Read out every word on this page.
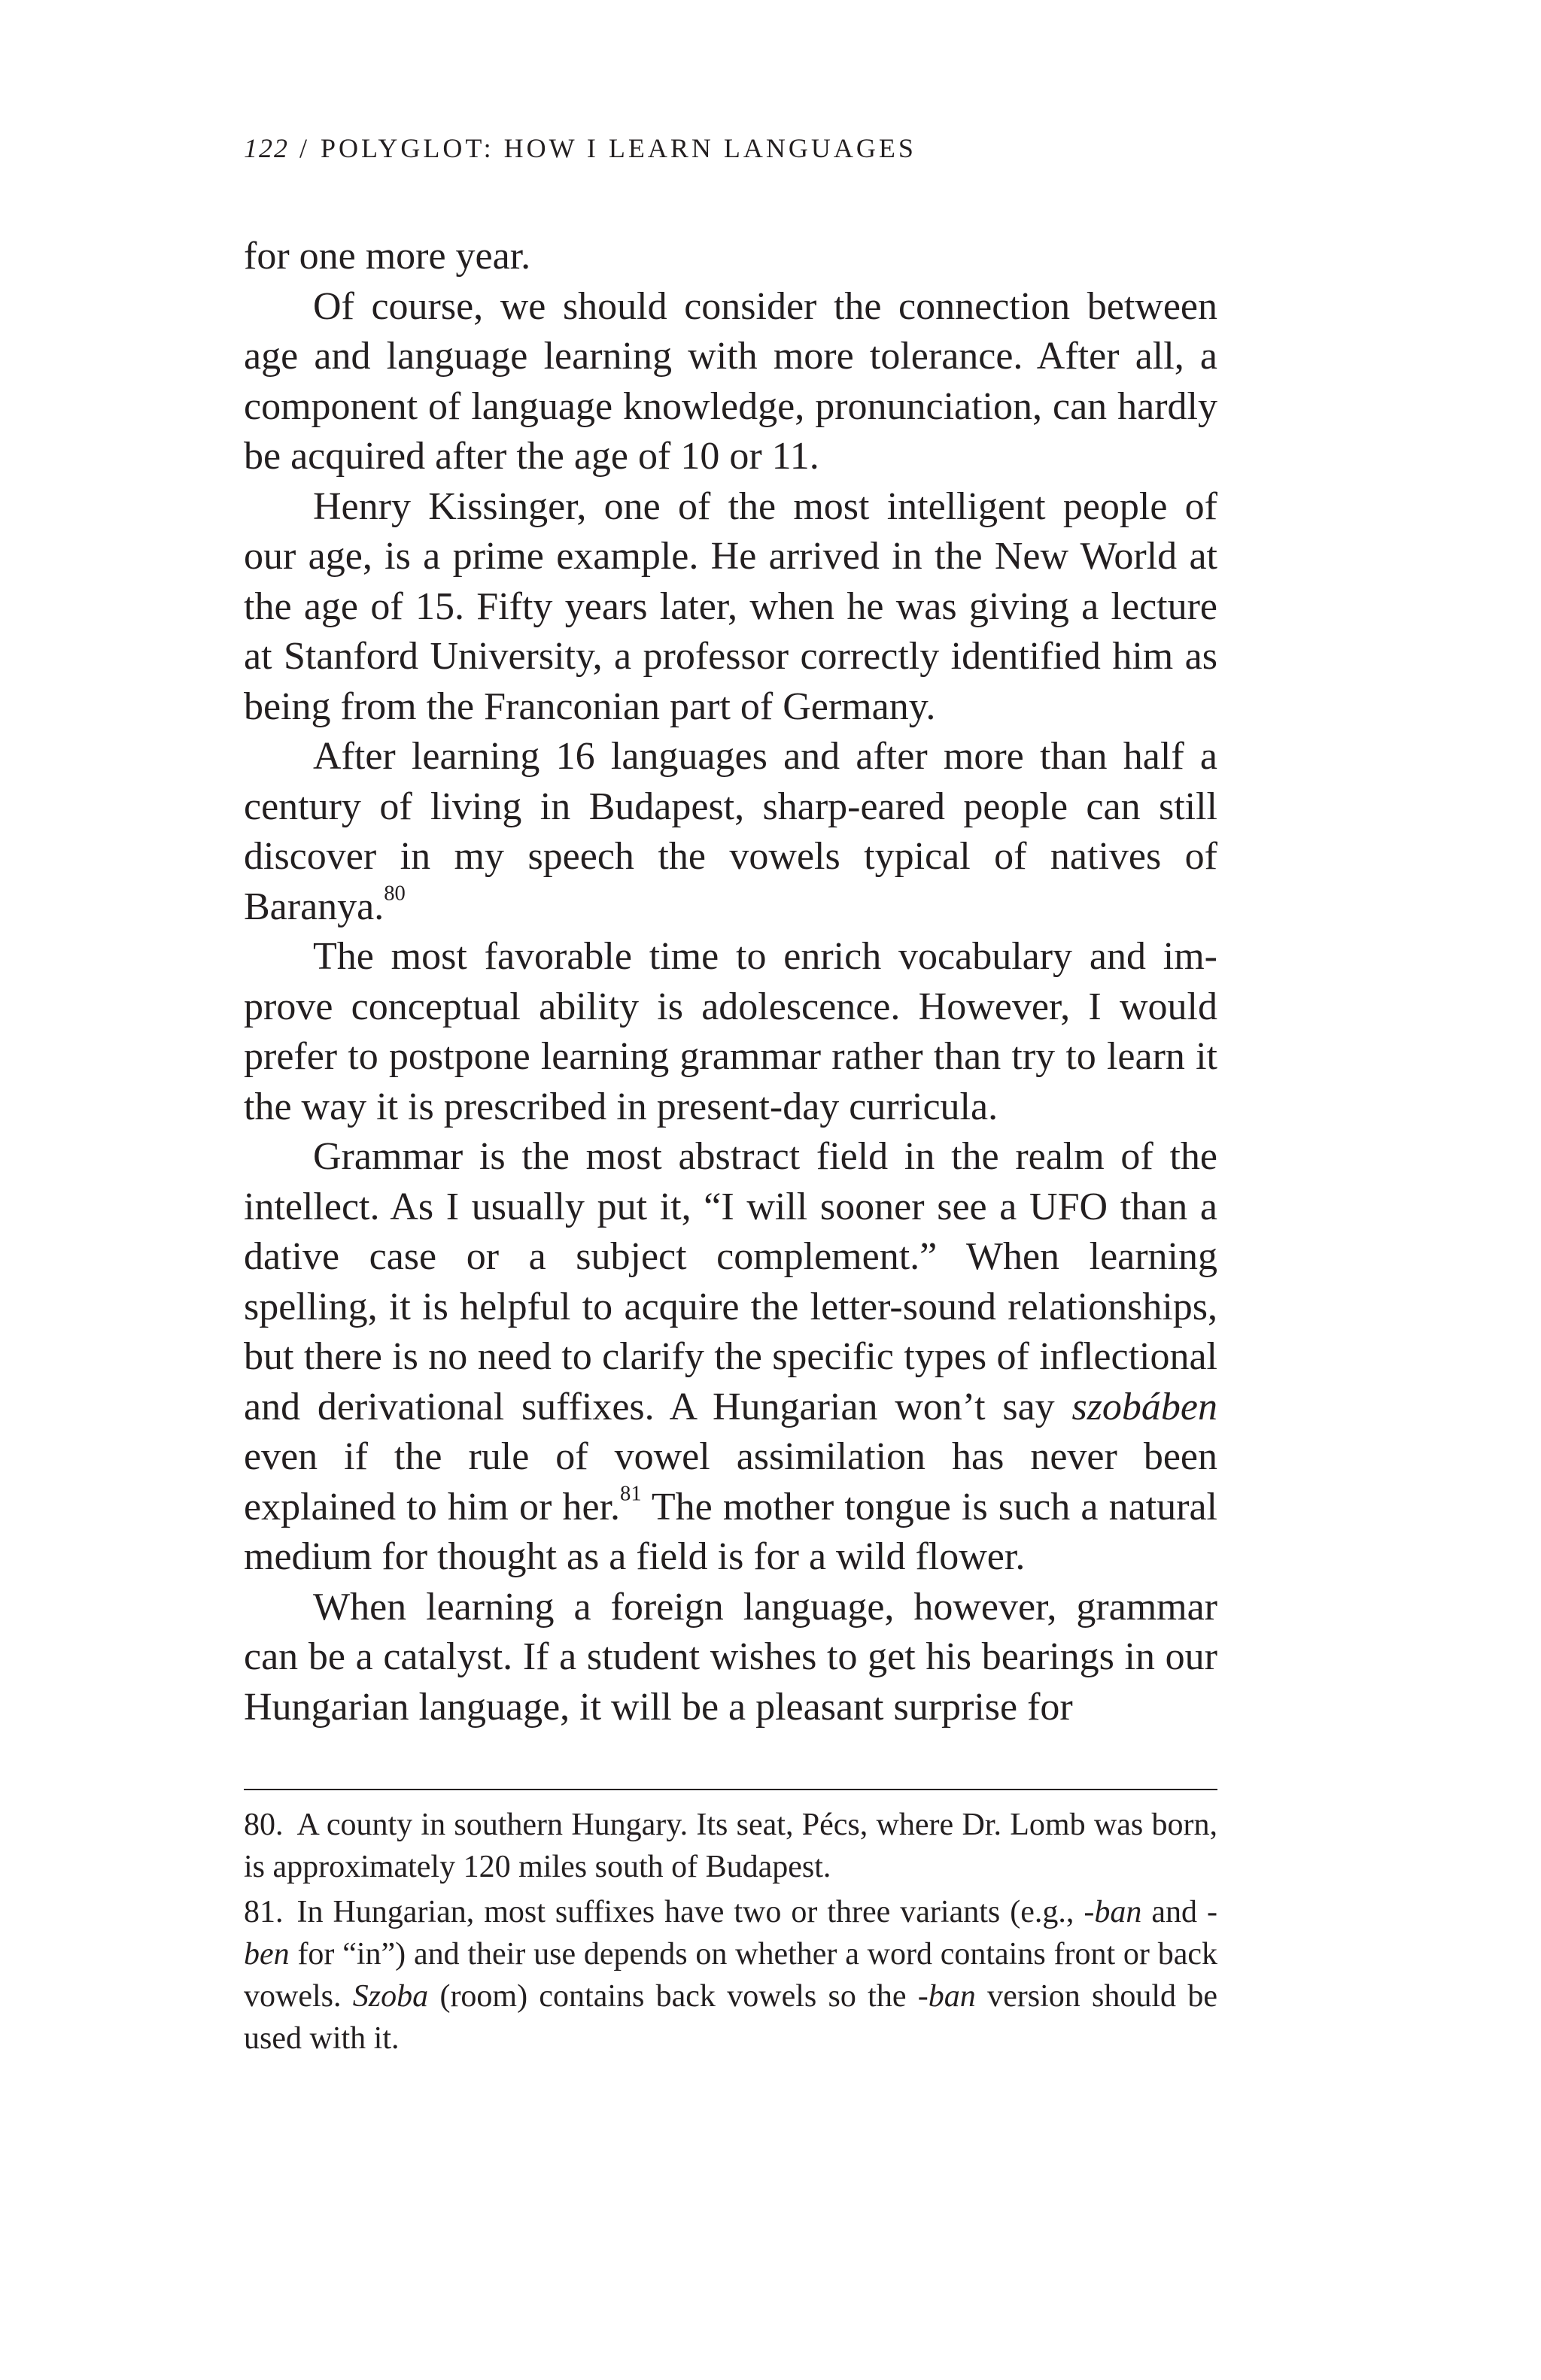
122 / POLYGLOT: HOW I LEARN LANGUAGES

for one more year.

Of course, we should consider the connection between age and language learning with more tolerance. After all, a component of language knowledge, pronunciation, can hardly be acquired after the age of 10 or 11.

Henry Kissinger, one of the most intelligent people of our age, is a prime example. He arrived in the New World at the age of 15. Fifty years later, when he was giving a lecture at Stanford University, a professor correctly identified him as being from the Franconian part of Germany.

After learning 16 languages and after more than half a century of living in Budapest, sharp-eared people can still discover in my speech the vowels typical of natives of Baranya.$^{80}$

The most favorable time to enrich vocabulary and improve conceptual ability is adolescence. However, I would prefer to postpone learning grammar rather than try to learn it the way it is prescribed in present-day curricula.

Grammar is the most abstract field in the realm of the intellect. As I usually put it, “I will sooner see a UFO than a dative case or a subject complement.” When learning spelling, it is helpful to acquire the letter-sound relationships, but there is no need to clarify the specific types of inflectional and derivational suffixes. A Hungarian won’t say szobáben even if the rule of vowel assimilation has never been explained to him or her.$^{81}$ The mother tongue is such a natural medium for thought as a field is for a wild flower.

When learning a foreign language, however, grammar can be a catalyst. If a student wishes to get his bearings in our Hungarian language, it will be a pleasant surprise for

80. A county in southern Hungary. Its seat, Pécs, where Dr. Lomb was born, is approximately 120 miles south of Budapest.

81. In Hungarian, most suffixes have two or three variants (e.g., -ban and -ben for “in”) and their use depends on whether a word contains front or back vowels. Szoba (room) contains back vowels so the -ban version should be used with it.
